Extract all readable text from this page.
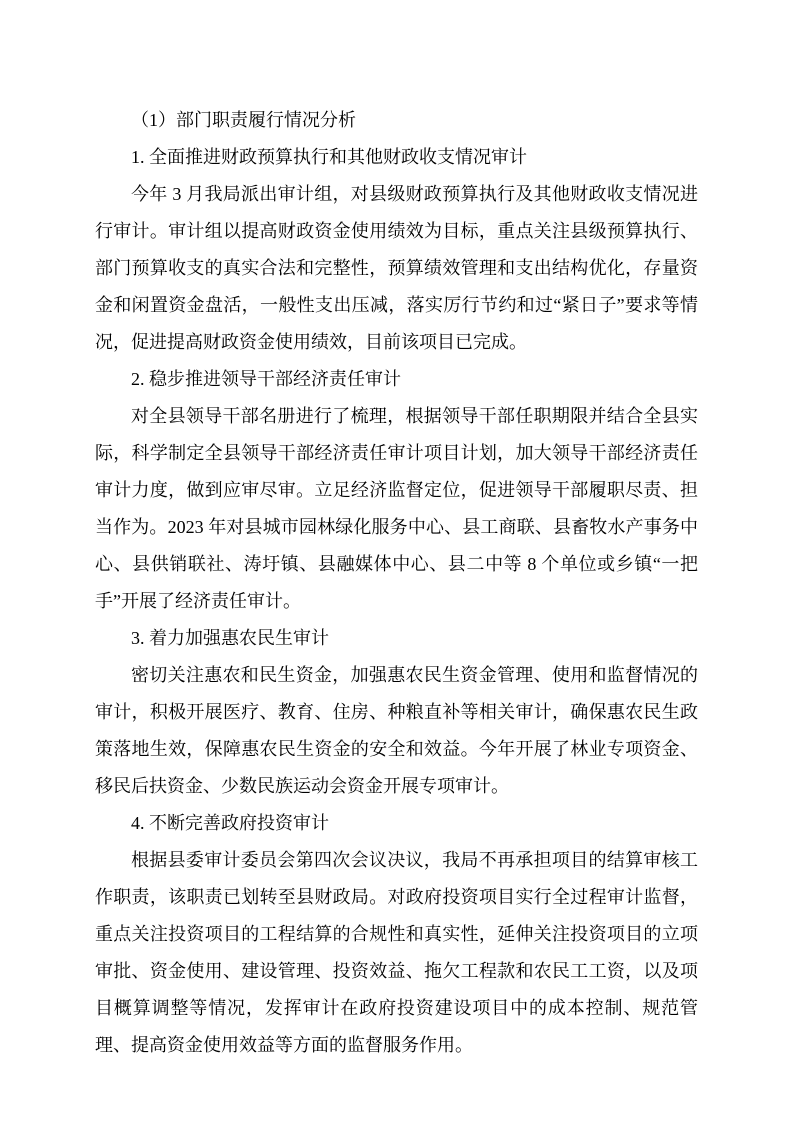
（1）部门职责履行情况分析

1. 全面推进财政预算执行和其他财政收支情况审计

今年 3 月我局派出审计组，对县级财政预算执行及其他财政收支情况进行审计。审计组以提高财政资金使用绩效为目标，重点关注县级预算执行、部门预算收支的真实合法和完整性，预算绩效管理和支出结构优化，存量资金和闲置资金盘活，一般性支出压减，落实厉行节约和过“紧日子”要求等情况，促进提高财政资金使用绩效，目前该项目已完成。

2. 稳步推进领导干部经济责任审计

对全县领导干部名册进行了梳理，根据领导干部任职期限并结合全县实际，科学制定全县领导干部经济责任审计项目计划，加大领导干部经济责任审计力度，做到应审尽审。立足经济监督定位，促进领导干部履职尽责、担当作为。2023 年对县城市园林绿化服务中心、县工商联、县畜牧水产事务中心、县供销联社、涛圩镇、县融媒体中心、县二中等 8 个单位或乡镇“一把手”开展了经济责任审计。

3. 着力加强惠农民生审计

密切关注惠农和民生资金，加强惠农民生资金管理、使用和监督情况的审计，积极开展医疗、教育、住房、种粮直补等相关审计，确保惠农民生政策落地生效，保障惠农民生资金的安全和效益。今年开展了林业专项资金、移民后扶资金、少数民族运动会资金开展专项审计。

4. 不断完善政府投资审计

根据县委审计委员会第四次会议决议，我局不再承担项目的结算审核工作职责，该职责已划转至县财政局。对政府投资项目实行全过程审计监督，重点关注投资项目的工程结算的合规性和真实性，延伸关注投资项目的立项审批、资金使用、建设管理、投资效益、拖欠工程款和农民工工资，以及项目概算调整等情况，发挥审计在政府投资建设项目中的成本控制、规范管理、提高资金使用效益等方面的监督服务作用。
